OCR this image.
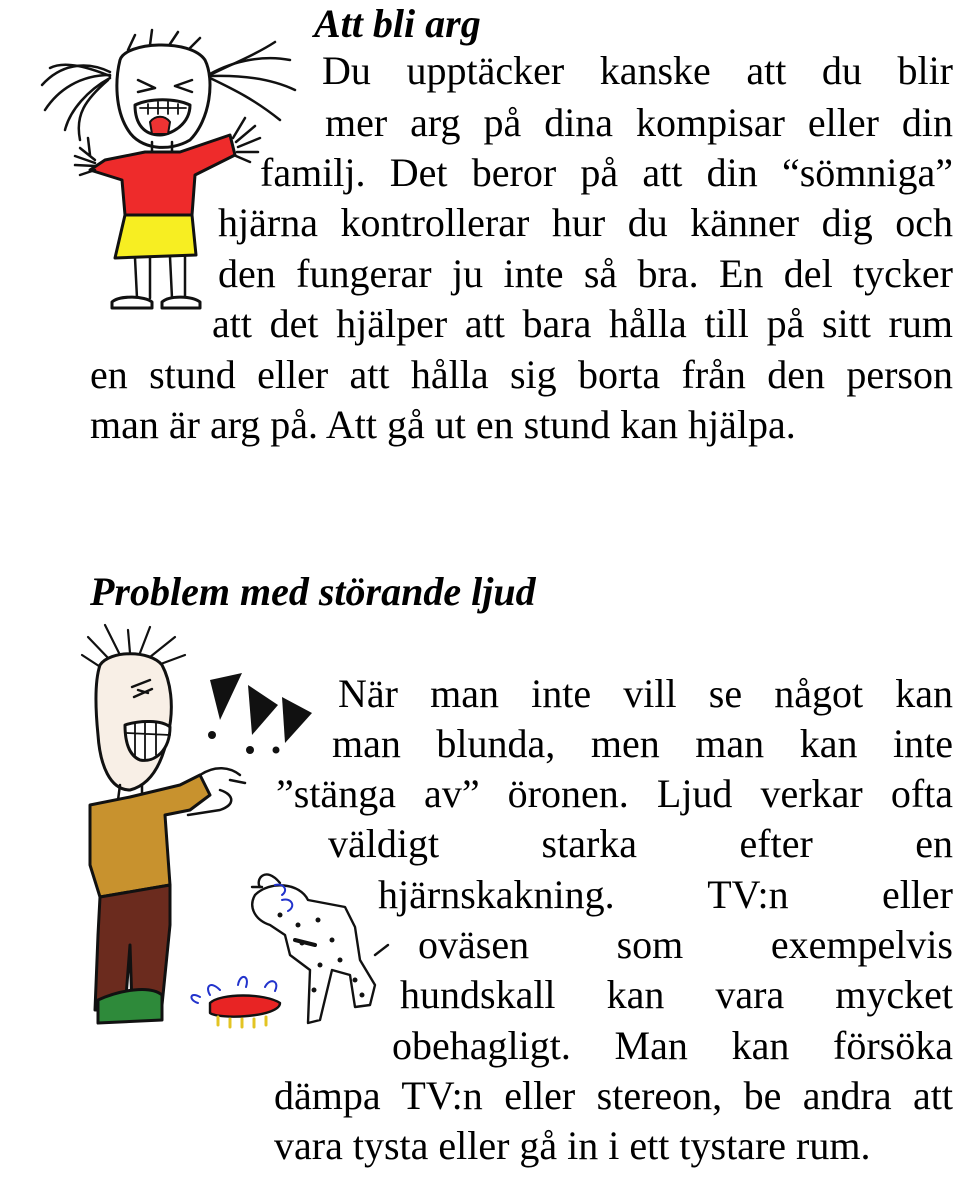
Att bli arg
Du upptäcker kanske att du blir
mer arg på dina kompisar eller din
familj. Det beror på att din “sömniga”
hjärna kontrollerar hur du känner dig och
den fungerar ju inte så bra. En del tycker
att det hjälper att bara hålla till på sitt rum
en stund eller att hålla sig borta från den person
man är arg på. Att gå ut en stund kan hjälpa.
Problem med störande ljud
När man inte vill se något kan
man blunda, men man kan inte
”stänga av” öronen. Ljud verkar ofta
väldigt starka efter en
hjärnskakning. TV:n eller
oväsen som exempelvis
hundskall kan vara mycket
obehagligt. Man kan försöka
dämpa TV:n eller stereon, be andra att
vara tysta eller gå in i ett tystare rum.
